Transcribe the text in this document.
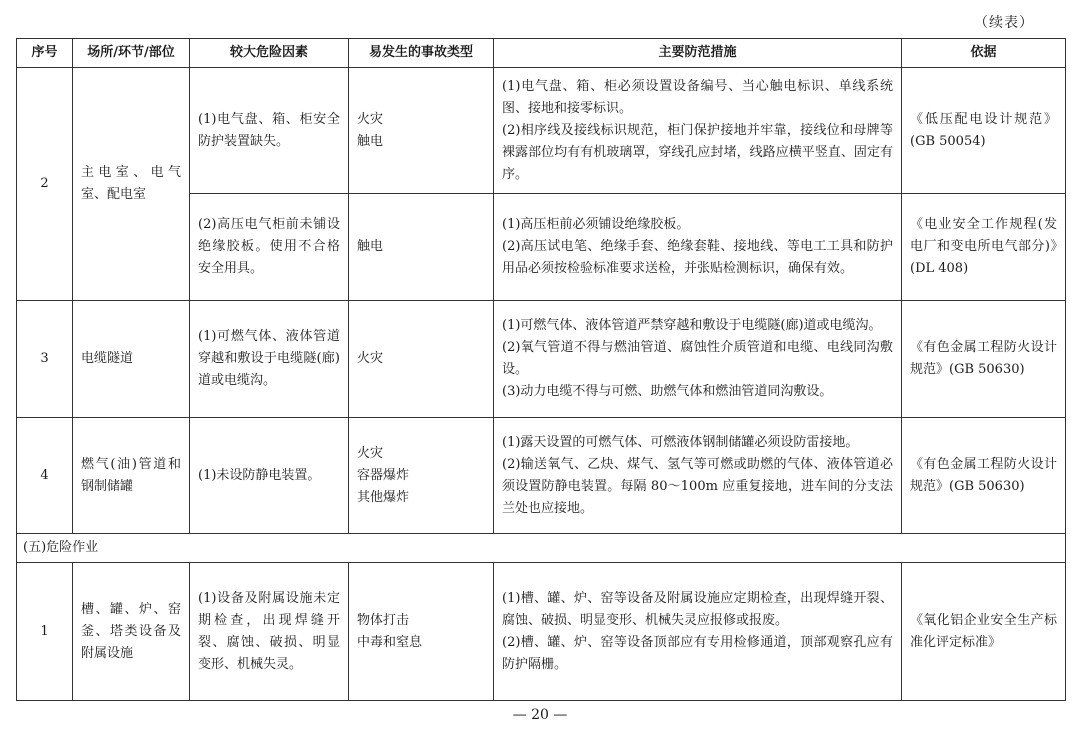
（续表）
序号	场所/环节/部位	较大危险因素	易发生的事故类型	主要防范措施	依据
2	主电室、电气室、配电室	(1)电气盘、箱、柜安全防护装置缺失。	火灾
触电	(1)电气盘、箱、柜必须设置设备编号、当心触电标识、单线系统图、接地和接零标识。
(2)相序线及接线标识规范，柜门保护接地并牢靠，接线位和母牌等裸露部位均有有机玻璃罩，穿线孔应封堵，线路应横平竖直、固定有序。	《低压配电设计规范》(GB 50054)
		(2)高压电气柜前未铺设绝缘胶板。使用不合格安全用具。	触电	(1)高压柜前必须铺设绝缘胶板。
(2)高压试电笔、绝缘手套、绝缘套鞋、接地线、等电工工具和防护用品必须按检验标准要求送检，并张贴检测标识，确保有效。	《电业安全工作规程(发电厂和变电所电气部分)》(DL 408)
3	电缆隧道	(1)可燃气体、液体管道穿越和敷设于电缆隧(廊)道或电缆沟。	火灾	(1)可燃气体、液体管道严禁穿越和敷设于电缆隧(廊)道或电缆沟。
(2)氧气管道不得与燃油管道、腐蚀性介质管道和电缆、电线同沟敷设。
(3)动力电缆不得与可燃、助燃气体和燃油管道同沟敷设。	《有色金属工程防火设计规范》(GB 50630)
4	燃气(油)管道和钢制储罐	(1)未设防静电装置。	火灾
容器爆炸
其他爆炸	(1)露天设置的可燃气体、可燃液体钢制储罐必须设防雷接地。
(2)输送氧气、乙炔、煤气、氢气等可燃或助燃的气体、液体管道必须设置防静电装置。每隔 80～100m 应重复接地，进车间的分支法兰处也应接地。	《有色金属工程防火设计规范》(GB 50630)
(五)危险作业					
1	槽、罐、炉、窑釜、塔类设备及附属设施	(1)设备及附属设施未定期检查，出现焊缝开裂、腐蚀、破损、明显变形、机械失灵。	物体打击
中毒和窒息	(1)槽、罐、炉、窑等设备及附属设施应定期检查，出现焊缝开裂、腐蚀、破损、明显变形、机械失灵应报修或报废。
(2)槽、罐、炉、窑等设备顶部应有专用检修通道，顶部观察孔应有防护隔栅。	《氧化铝企业安全生产标准化评定标准》
— 20 —
